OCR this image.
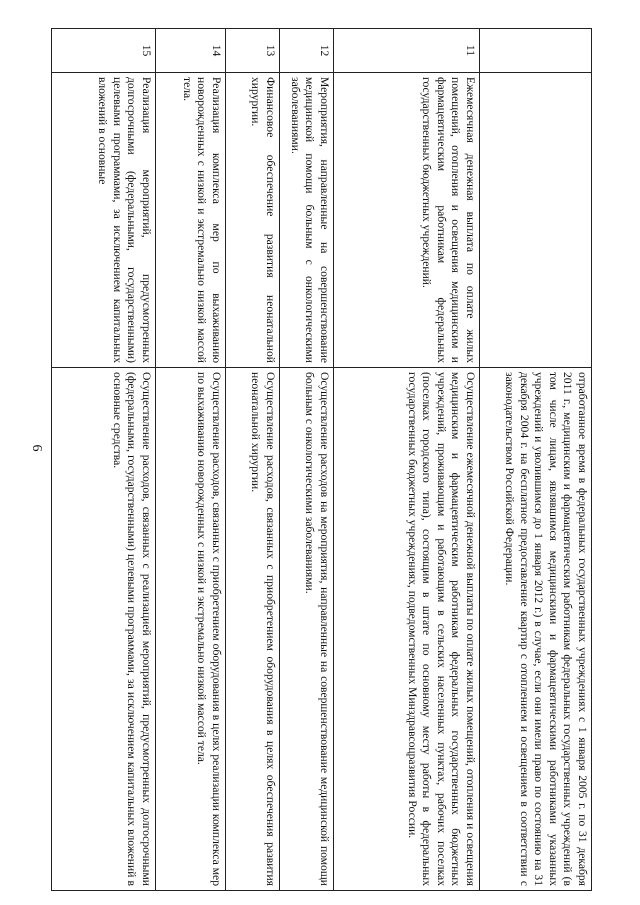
6
			отработанное время в федеральных государственных учреждениях с 1 января 2005 г. по 31 декабря 2011 г., медицинским и фармацевтическим работникам федеральных государственных учреждений (в том числе лицам, являвшимся медицинскими и фармацевтическими работниками указанных учреждений и уволившимся до 1 января 2012 г.) в случае, если они имели право по состоянию на 31 декабря 2004 г. на бесплатное предоставление квартир с отоплением и освещением в соответствии с законодательством Российской Федерации.
11	Ежемесячная денежная выплата по оплате жилых помещений, отопления и освещения медицинским и фармацевтическим работникам федеральных государственных бюджетных учреждений.	Осуществление ежемесячной денежной выплаты по оплате жилых помещений, отопления и освещения медицинским и фармацевтическим работникам федеральных государственных бюджетных учреждений, проживающим и работающим в сельских населенных пунктах, рабочих поселках (поселках городского типа), состоящим в штате по основному месту работы в федеральных государственных бюджетных учреждениях, подведомственных Минздравсоцразвития России.
12	Мероприятия, направленные на совершенствование медицинской помощи больным с онкологическими заболеваниями.	Осуществление расходов на мероприятия, направленные на совершенствование медицинской помощи больным с онкологическими заболеваниями.
13	Финансовое обеспечение развития неонатальной хирургии.	Осуществление расходов, связанных с приобретением оборудования в целях обеспечения развития неонатальной хирургии.
14	Реализация комплекса мер по выхаживанию новорожденных с низкой и экстремально низкой массой тела.	Осуществление расходов, связанных с приобретением оборудования в целях реализации комплекса мер по выхаживанию новорожденных с низкой и экстремально низкой массой тела.
15	Реализация мероприятий, предусмотренных долгосрочными (федеральными, государственными) целевыми программами, за исключением капитальных вложений в основные	Осуществление расходов, связанных с реализацией мероприятий, предусмотренных долгосрочными (федеральными, государственными) целевыми программами, за исключением капитальных вложений в основные средства.
